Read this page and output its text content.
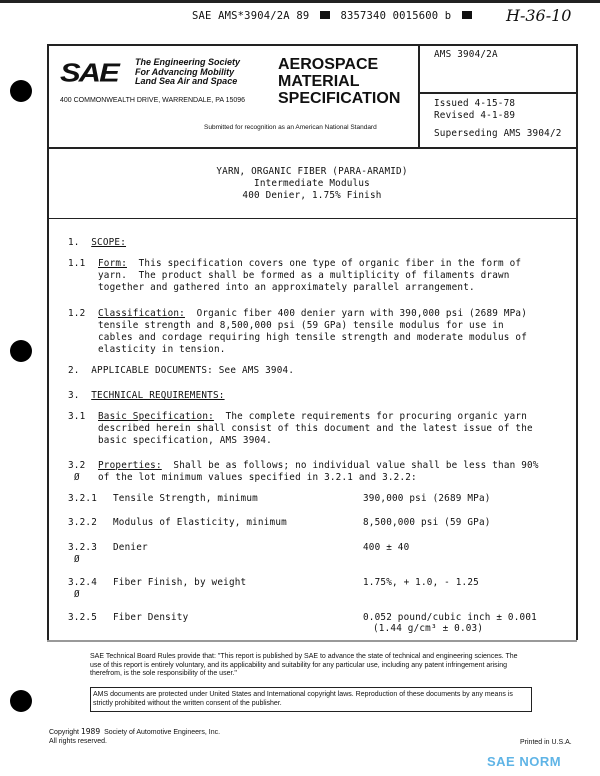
SAE AMS*3904/2A 89	8357340 0015600 b	H-36-10
SAE The Engineering Society
For Advancing Mobility
Land Sea Air and Space
400 COMMONWEALTH DRIVE, WARRENDALE, PA 15096
AEROSPACE
MATERIAL
SPECIFICATION
Submitted for recognition as an American National Standard
AMS 3904/2A
Issued 4-15-78
Revised 4-1-89
Superseding AMS 3904/2
YARN, ORGANIC FIBER (PARA-ARAMID)
Intermediate Modulus
400 Denier, 1.75% Finish
1. SCOPE:
1.1 Form: This specification covers one type of organic fiber in the form of
yarn.  The product shall be formed as a multiplicity of filaments drawn
together and gathered into an approximately parallel arrangement.
1.2 Classification: Organic fiber 400 denier yarn with 390,000 psi (2689 MPa)
tensile strength and 8,500,000 psi (59 GPa) tensile modulus for use in
cables and cordage requiring high tensile strength and moderate modulus of
elasticity in tension.
2. APPLICABLE DOCUMENTS: See AMS 3904.
3. TECHNICAL REQUIREMENTS:
3.1 Basic Specification: The complete requirements for procuring organic yarn
described herein shall consist of this document and the latest issue of the
basic specification, AMS 3904.
3.2
Ø
Properties: Shall be as follows; no individual value shall be less than 90%
of the lot minimum values specified in 3.2.1 and 3.2.2:
3.2.1 Tensile Strength, minimum	390,000 psi (2689 MPa)
3.2.2 Modulus of Elasticity, minimum	8,500,000 psi (59 GPa)
3.2.3
Ø
Denier	400 ± 40
3.2.4
Ø
Fiber Finish, by weight	1.75%, + 1.0, - 1.25
3.2.5 Fiber Density	0.052 pound/cubic inch ± 0.001
(1.44 g/cm³ ± 0.03)
SAE Technical Board Rules provide that: "This report is published by SAE to advance the state of technical and engineering sciences. The use of this report is entirely voluntary, and its applicability and suitability for any particular use, including any patent infringement arising therefrom, is the sole responsibility of the user."
AMS documents are protected under United States and International copyright laws. Reproduction of these documents by any means is strictly prohibited without the written consent of the publisher.
Copyright 1989 Society of Automotive Engineers, Inc.
All rights reserved.	Printed in U.S.A.
SAE NORM
